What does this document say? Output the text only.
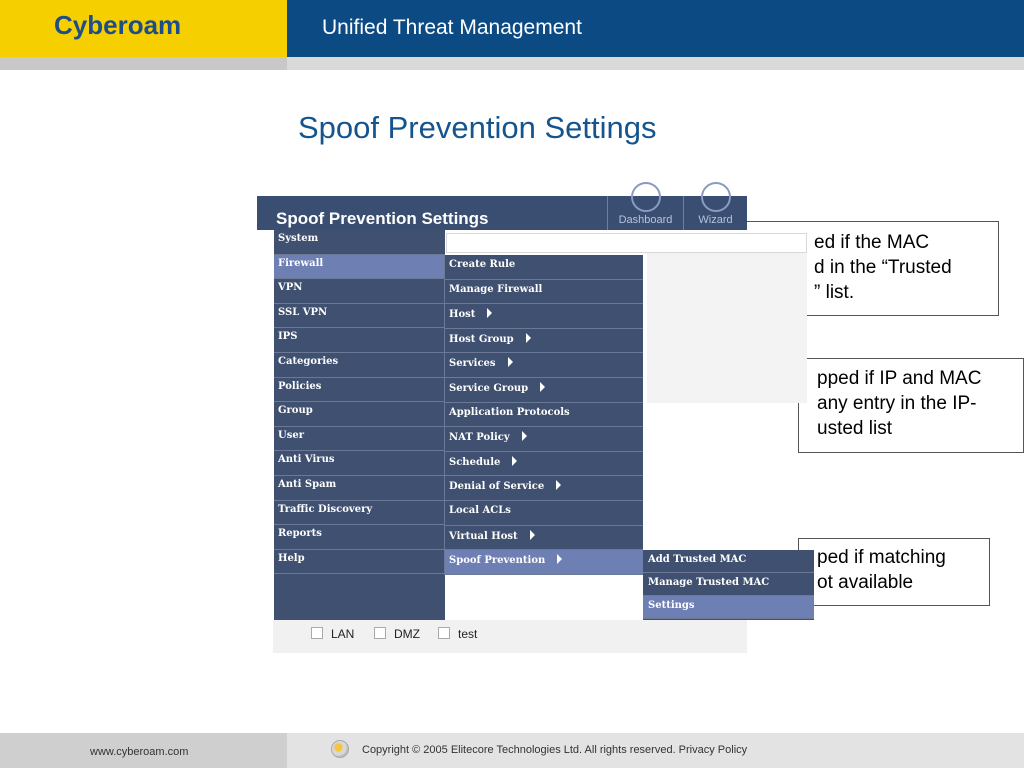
Cyberoam	Unified Threat Management
Spoof Prevention Settings
ed if the MAC
d in the “Trusted
” list.
pped if IP and MAC
any entry in the IP-
usted list
ped if matching
ot available
Spoof Prevention Settings	Dashboard	Wizard
System
Firewall
VPN
SSL VPN
IPS
Categories
Policies
Group
User
Anti Virus
Anti Spam
Traffic Discovery
Reports
Help
Create Rule
Manage Firewall
Host
Host Group
Services
Service Group
Application Protocols
NAT Policy
Schedule
Denial of Service
Local ACLs
Virtual Host
Spoof Prevention	Add Trusted MAC
Manage Trusted MAC
Settings
LAN	DMZ	test
www.cyberoam.com	Copyright © 2005 Elitecore Technologies Ltd. All rights reserved. Privacy Policy
